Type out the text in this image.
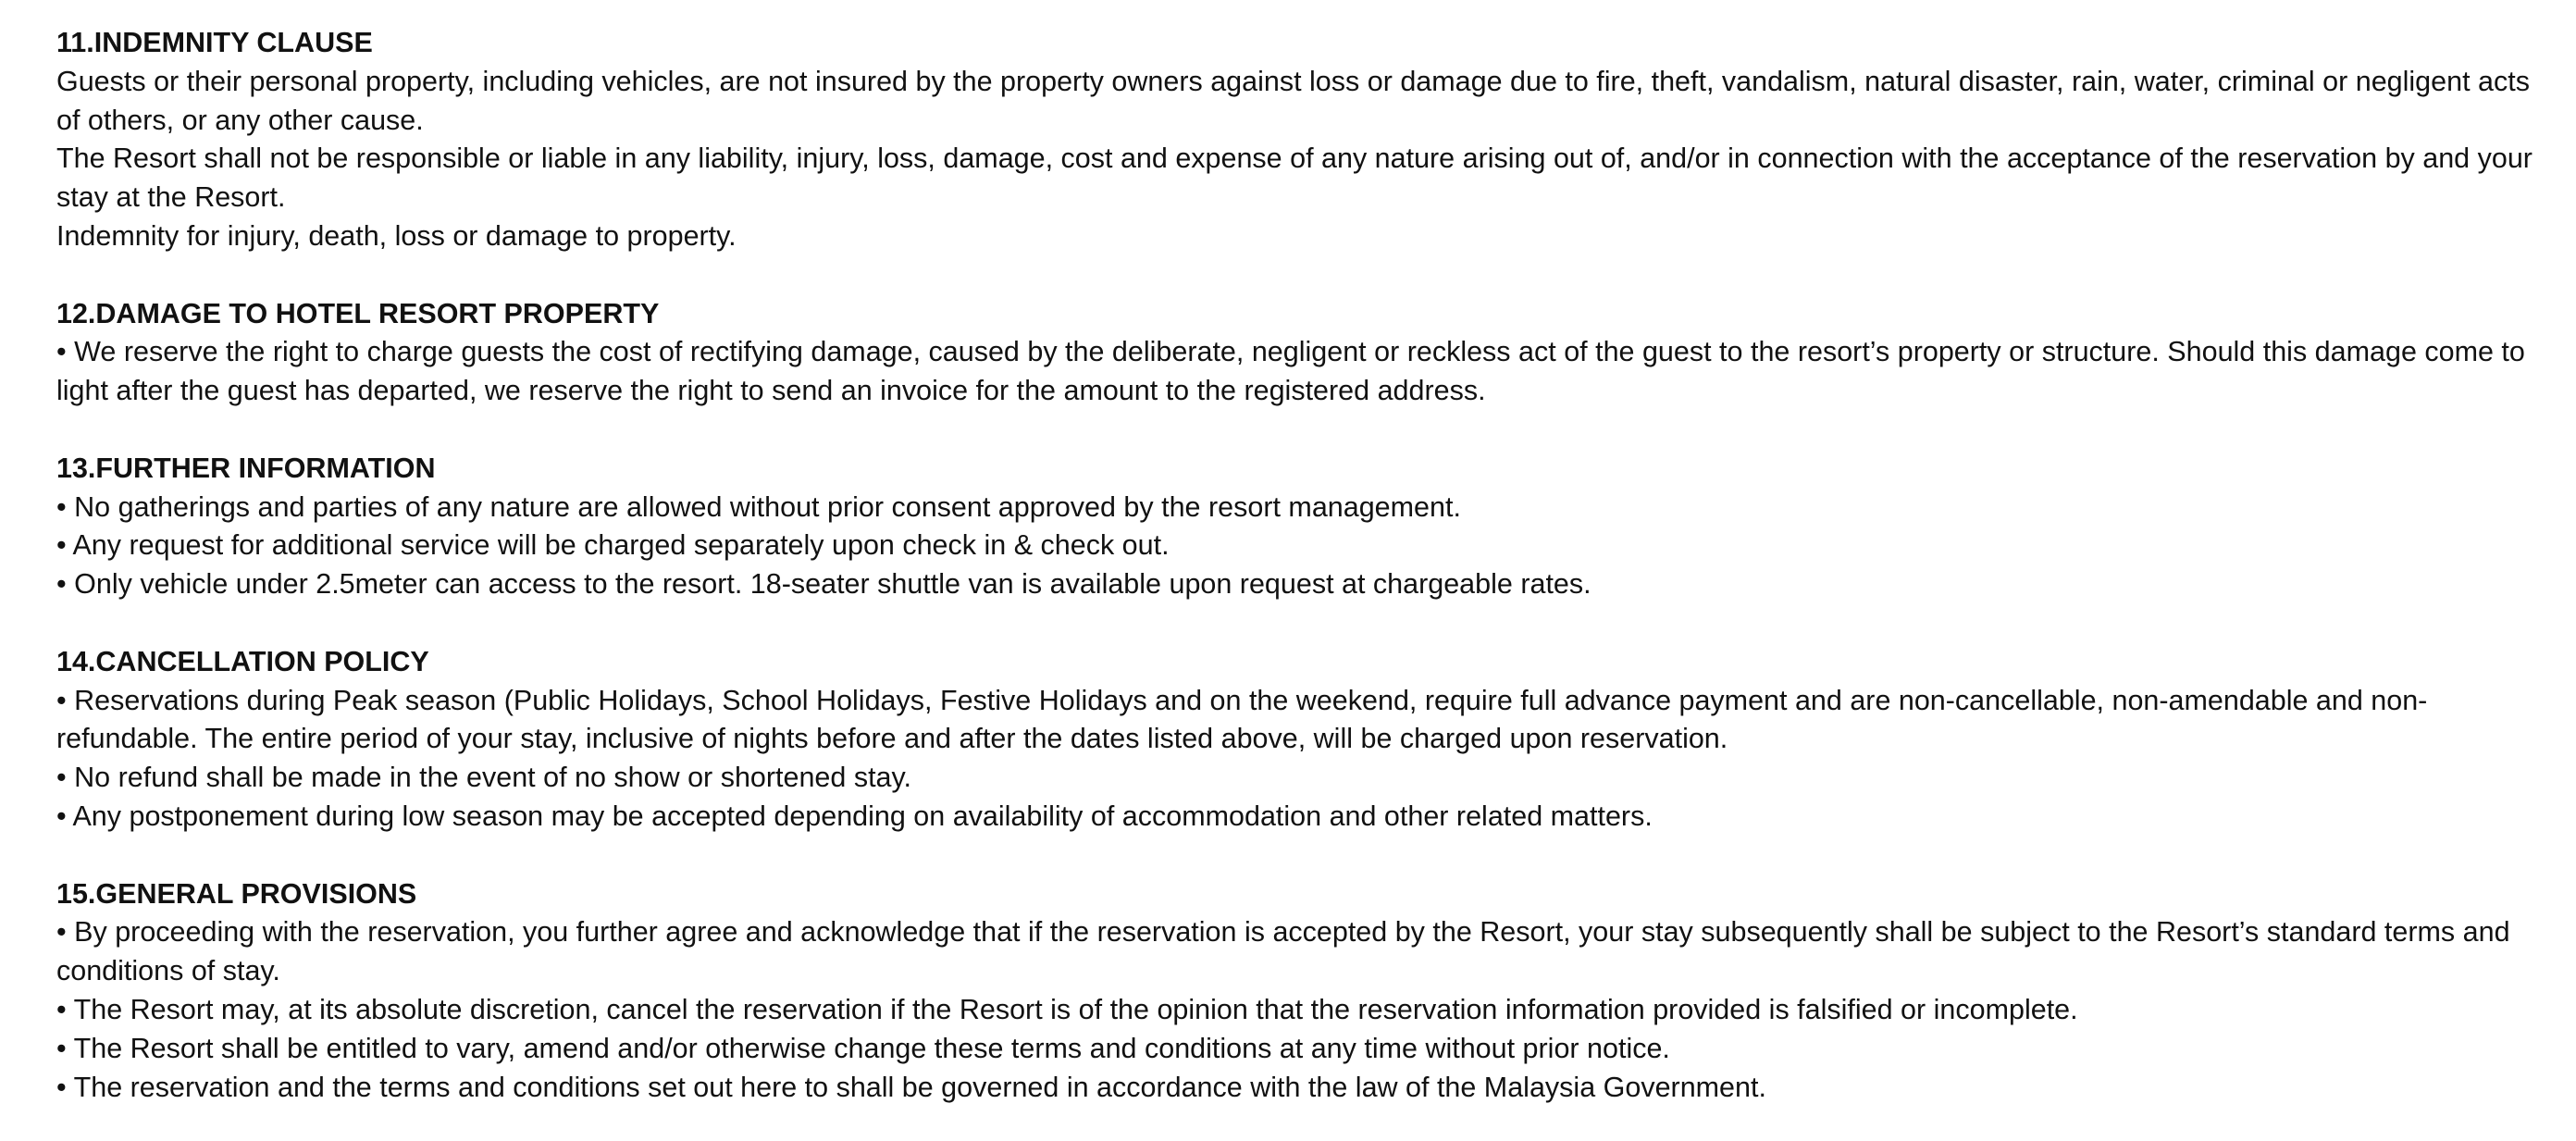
11.INDEMNITY CLAUSE

Guests or their personal property, including vehicles, are not insured by the property owners against loss or damage due to fire, theft, vandalism, natural disaster, rain, water, criminal or negligent acts of others, or any other cause.

The Resort shall not be responsible or liable in any liability, injury, loss, damage, cost and expense of any nature arising out of, and/or in connection with the acceptance of the reservation by and your stay at the Resort.

Indemnity for injury, death, loss or damage to property.

12.DAMAGE TO HOTEL RESORT PROPERTY

• We reserve the right to charge guests the cost of rectifying damage, caused by the deliberate, negligent or reckless act of the guest to the resort’s property or structure. Should this damage come to light after the guest has departed, we reserve the right to send an invoice for the amount to the registered address.

13.FURTHER INFORMATION

• No gatherings and parties of any nature are allowed without prior consent approved by the resort management.

• Any request for additional service will be charged separately upon check in & check out.

• Only vehicle under 2.5meter can access to the resort. 18-seater shuttle van is available upon request at chargeable rates.

14.CANCELLATION POLICY

• Reservations during Peak season (Public Holidays, School Holidays, Festive Holidays and on the weekend, require full advance payment and are non-cancellable, non-amendable and non-refundable. The entire period of your stay, inclusive of nights before and after the dates listed above, will be charged upon reservation.

• No refund shall be made in the event of no show or shortened stay.

• Any postponement during low season may be accepted depending on availability of accommodation and other related matters.

15.GENERAL PROVISIONS

• By proceeding with the reservation, you further agree and acknowledge that if the reservation is accepted by the Resort, your stay subsequently shall be subject to the Resort’s standard terms and conditions of stay.

• The Resort may, at its absolute discretion, cancel the reservation if the Resort is of the opinion that the reservation information provided is falsified or incomplete.

• The Resort shall be entitled to vary, amend and/or otherwise change these terms and conditions at any time without prior notice.

• The reservation and the terms and conditions set out here to shall be governed in accordance with the law of the Malaysia Government.
